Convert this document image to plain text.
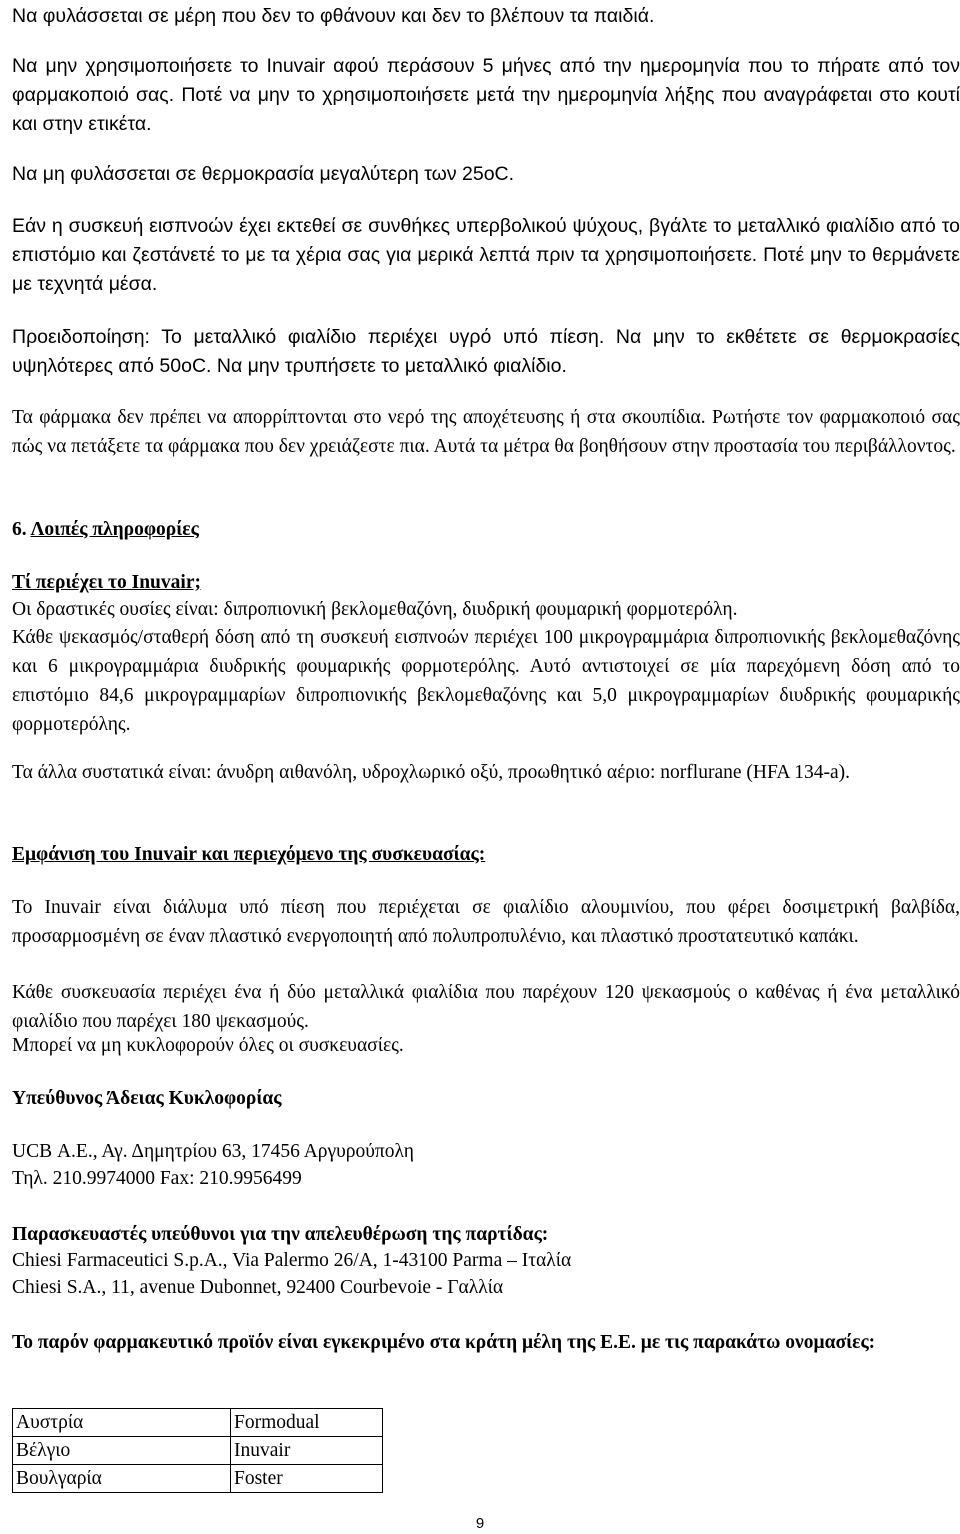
Να φυλάσσεται σε μέρη που δεν το φθάνουν και δεν το βλέπουν τα παιδιά.

Να μην χρησιμοποιήσετε το Inuvair αφού περάσουν 5 μήνες από την ημερομηνία που το πήρατε από τον φαρμακοποιό σας. Ποτέ να μην το χρησιμοποιήσετε μετά την ημερομηνία λήξης που αναγράφεται στο κουτί και στην ετικέτα.

Να μη φυλάσσεται σε θερμοκρασία μεγαλύτερη των 25oC.

Εάν η συσκευή εισπνοών έχει εκτεθεί σε συνθήκες υπερβολικού ψύχους, βγάλτε το μεταλλικό φιαλίδιο από το επιστόμιο και ζεστάνετέ το με τα χέρια σας για μερικά λεπτά πριν τα χρησιμοποιήσετε. Ποτέ μην το θερμάνετε με τεχνητά μέσα.

Προειδοποίηση: Το μεταλλικό φιαλίδιο περιέχει υγρό υπό πίεση. Να μην το εκθέτετε σε θερμοκρασίες υψηλότερες από 50oC. Να μην τρυπήσετε το μεταλλικό φιαλίδιο.

Τα φάρμακα δεν πρέπει να απορρίπτονται στο νερό της αποχέτευσης ή στα σκουπίδια. Ρωτήστε τον φαρμακοποιό σας πώς να πετάξετε τα φάρμακα που δεν χρειάζεστε πια. Αυτά τα μέτρα θα βοηθήσουν στην προστασία του περιβάλλοντος.

6. Λοιπές πληροφορίες

Τί περιέχει το Inuvair;

Οι δραστικές ουσίες είναι: διπροπιονική βεκλομεθαζόνη, διυδρική φουμαρική φορμοτερόλη.

Κάθε ψεκασμός/σταθερή δόση από τη συσκευή εισπνοών περιέχει 100 μικρογραμμάρια διπροπιονικής βεκλομεθαζόνης και 6 μικρογραμμάρια διυδρικής φουμαρικής φορμοτερόλης. Αυτό αντιστοιχεί σε μία παρεχόμενη δόση από το επιστόμιο 84,6 μικρογραμμαρίων διπροπιονικής βεκλομεθαζόνης και 5,0 μικρογραμμαρίων διυδρικής φουμαρικής φορμοτερόλης.

Τα άλλα συστατικά είναι: άνυδρη αιθανόλη, υδροχλωρικό οξύ, προωθητικό αέριο: norflurane (HFA 134-a).

Εμφάνιση του Inuvair και περιεχόμενο της συσκευασίας:

Το Inuvair είναι διάλυμα υπό πίεση που περιέχεται σε φιαλίδιο αλουμινίου, που φέρει δοσιμετρική βαλβίδα, προσαρμοσμένη σε έναν πλαστικό ενεργοποιητή από πολυπροπυλένιο, και πλαστικό προστατευτικό καπάκι.

Κάθε συσκευασία περιέχει ένα ή δύο μεταλλικά φιαλίδια που παρέχουν 120 ψεκασμούς ο καθένας ή ένα μεταλλικό φιαλίδιο που παρέχει 180 ψεκασμούς.

Μπορεί να μη κυκλοφορούν όλες οι συσκευασίες.

Υπεύθυνος Άδειας Κυκλοφορίας

UCB Α.Ε., Αγ. Δημητρίου 63, 17456 Αργυρούπολη

Τηλ. 210.9974000 Fax: 210.9956499

Παρασκευαστές υπεύθυνοι για την απελευθέρωση της παρτίδας:

Chiesi Farmaceutici S.p.A., Via Palermo 26/A, 1-43100 Parma – Ιταλία

Chiesi S.A., 11, avenue Dubonnet, 92400 Courbevoie - Γαλλία

Το παρόν φαρμακευτικό προϊόν είναι εγκεκριμένο στα κράτη μέλη της Ε.Ε. με τις παρακάτω ονομασίες:

Αυστρία	Formodual
Βέλγιο	Inuvair
Βουλγαρία	Foster
9
